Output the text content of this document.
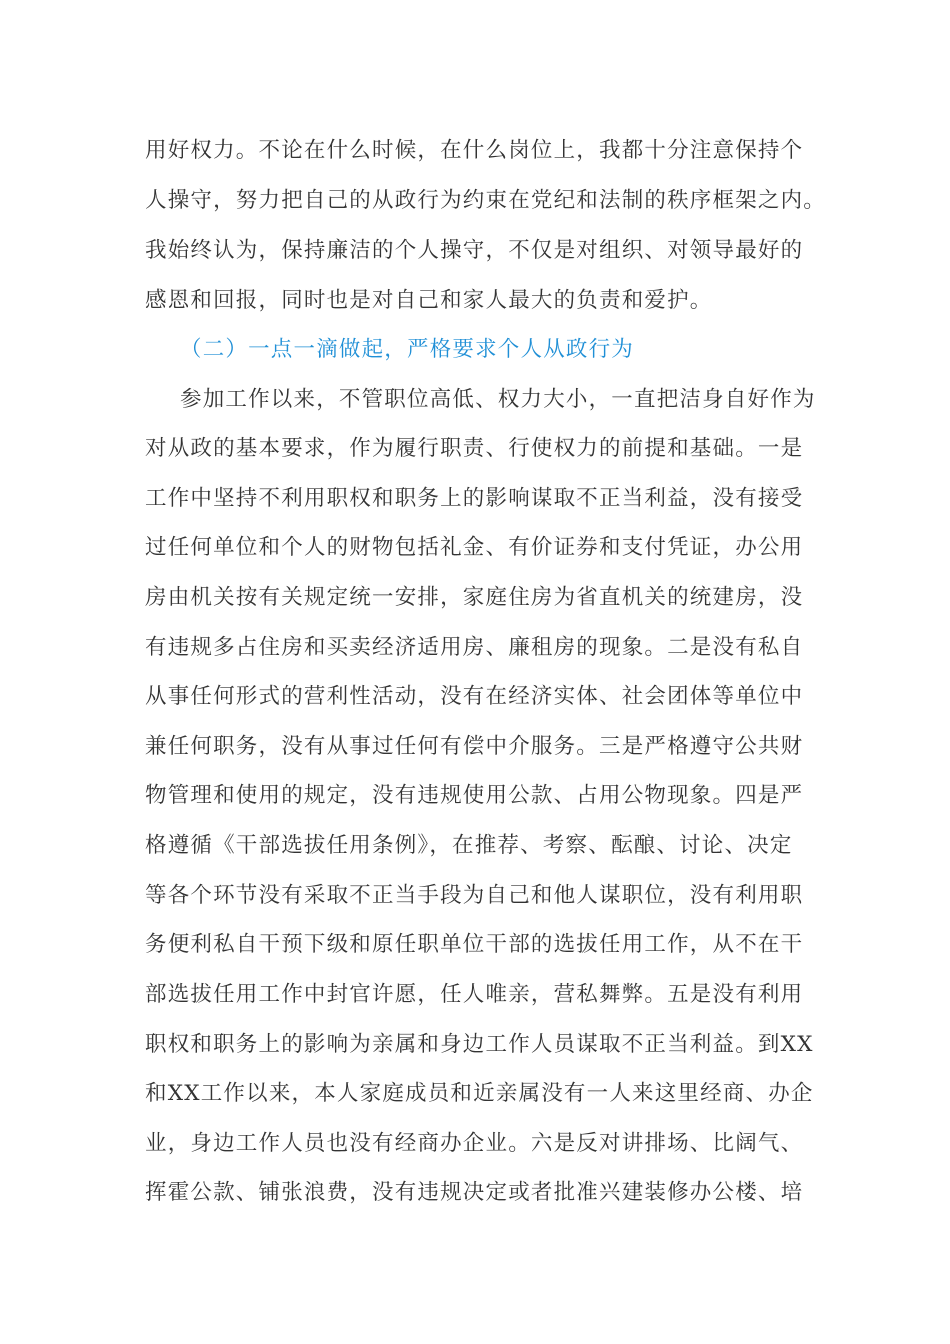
用好权力。不论在什么时候，在什么岗位上，我都十分注意保持个
人操守，努力把自己的从政行为约束在党纪和法制的秩序框架之内。
我始终认为，保持廉洁的个人操守，不仅是对组织、对领导最好的
感恩和回报，同时也是对自己和家人最大的负责和爱护。
（二）一点一滴做起，严格要求个人从政行为
参加工作以来，不管职位高低、权力大小，一直把洁身自好作为
对从政的基本要求，作为履行职责、行使权力的前提和基础。一是
工作中坚持不利用职权和职务上的影响谋取不正当利益，没有接受
过任何单位和个人的财物包括礼金、有价证券和支付凭证，办公用
房由机关按有关规定统一安排，家庭住房为省直机关的统建房，没
有违规多占住房和买卖经济适用房、廉租房的现象。二是没有私自
从事任何形式的营利性活动，没有在经济实体、社会团体等单位中
兼任何职务，没有从事过任何有偿中介服务。三是严格遵守公共财
物管理和使用的规定，没有违规使用公款、占用公物现象。四是严
格遵循《干部选拔任用条例》，在推荐、考察、酝酿、讨论、决定
等各个环节没有采取不正当手段为自己和他人谋职位，没有利用职
务便利私自干预下级和原任职单位干部的选拔任用工作，从不在干
部选拔任用工作中封官许愿，任人唯亲，营私舞弊。五是没有利用
职权和职务上的影响为亲属和身边工作人员谋取不正当利益。到XX
和XX工作以来，本人家庭成员和近亲属没有一人来这里经商、办企
业，身边工作人员也没有经商办企业。六是反对讲排场、比阔气、
挥霍公款、铺张浪费，没有违规决定或者批准兴建装修办公楼、培
